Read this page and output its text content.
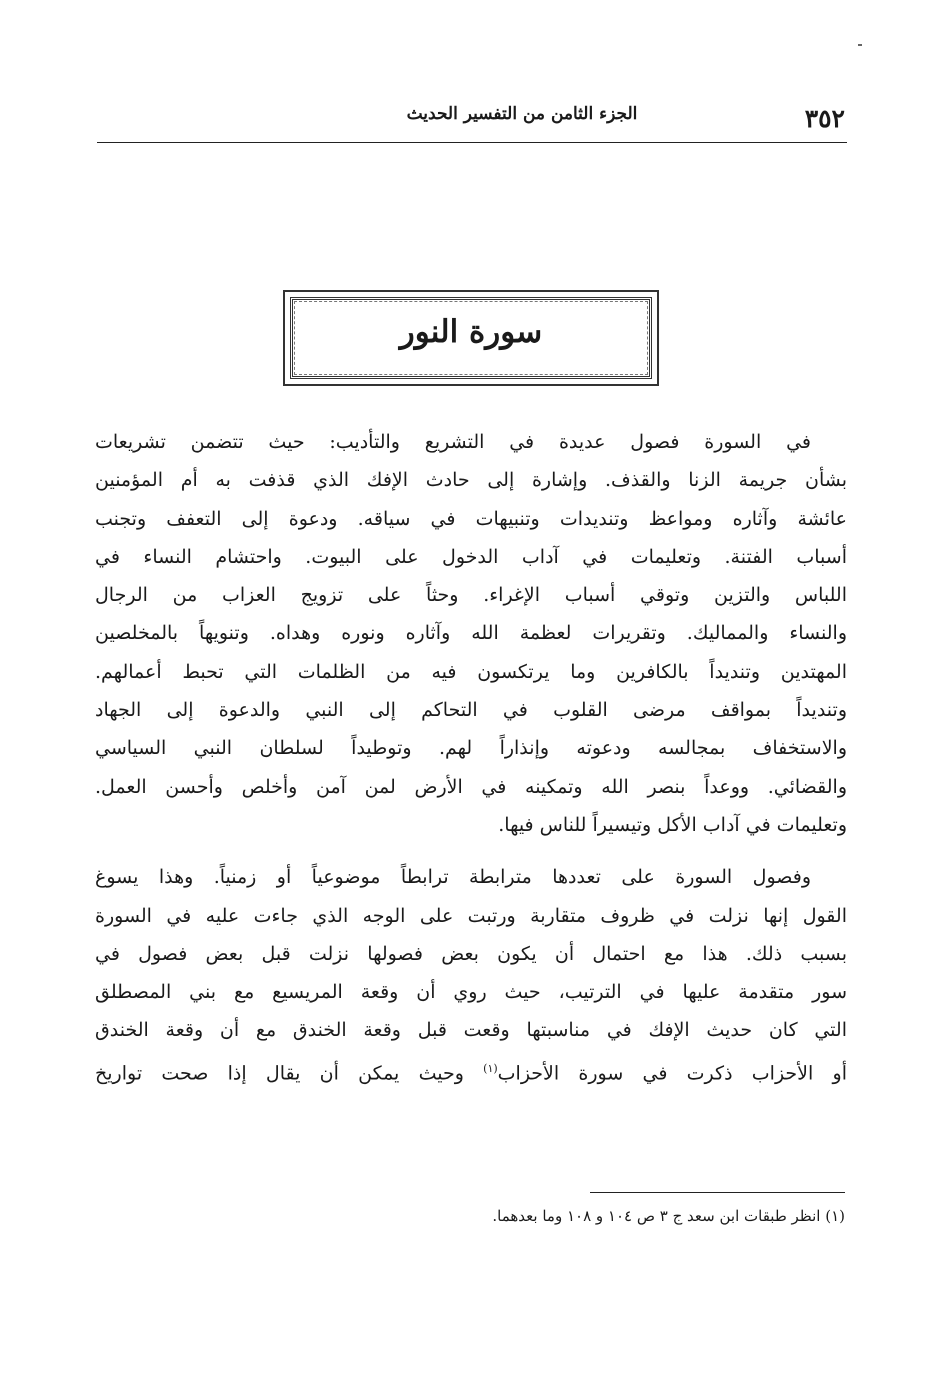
٣٥٢
الجزء الثامن من التفسير الحديث
سورة النور
في السورة فصول عديدة في التشريع والتأديب: حيث تتضمن تشريعات
بشأن جريمة الزنا والقذف. وإشارة إلى حادث الإفك الذي قذفت به أم المؤمنين
عائشة وآثاره ومواعظ وتنديدات وتنبيهات في سياقه. ودعوة إلى التعفف وتجنب
أسباب الفتنة. وتعليمات في آداب الدخول على البيوت. واحتشام النساء في
اللباس والتزين وتوقي أسباب الإغراء. وحثاً على تزويج العزاب من الرجال
والنساء والمماليك. وتقريرات لعظمة الله وآثاره ونوره وهداه. وتنويهاً بالمخلصين
المهتدين وتنديداً بالكافرين وما يرتكسون فيه من الظلمات التي تحبط أعمالهم.
وتنديداً بمواقف مرضى القلوب في التحاكم إلى النبي والدعوة إلى الجهاد
والاستخفاف بمجالسه ودعوته وإنذاراً لهم. وتوطيداً لسلطان النبي السياسي
والقضائي. ووعداً بنصر الله وتمكينه في الأرض لمن آمن وأخلص وأحسن العمل.
وتعليمات في آداب الأكل وتيسيراً للناس فيها.
وفصول السورة على تعددها مترابطة ترابطاً موضوعياً أو زمنياً. وهذا يسوغ
القول إنها نزلت في ظروف متقاربة ورتبت على الوجه الذي جاءت عليه في السورة
بسبب ذلك. هذا مع احتمال أن يكون بعض فصولها نزلت قبل بعض فصول في
سور متقدمة عليها في الترتيب، حيث روي أن وقعة المريسيع مع بني المصطلق
التي كان حديث الإفك في مناسبتها وقعت قبل وقعة الخندق مع أن وقعة الخندق
أو الأحزاب ذكرت في سورة الأحزاب$^{(١)}$ وحيث يمكن أن يقال إذا صحت تواريخ
(١) انظر طبقات ابن سعد ج ٣ ص ١٠٤ و ١٠٨ وما بعدهما.
